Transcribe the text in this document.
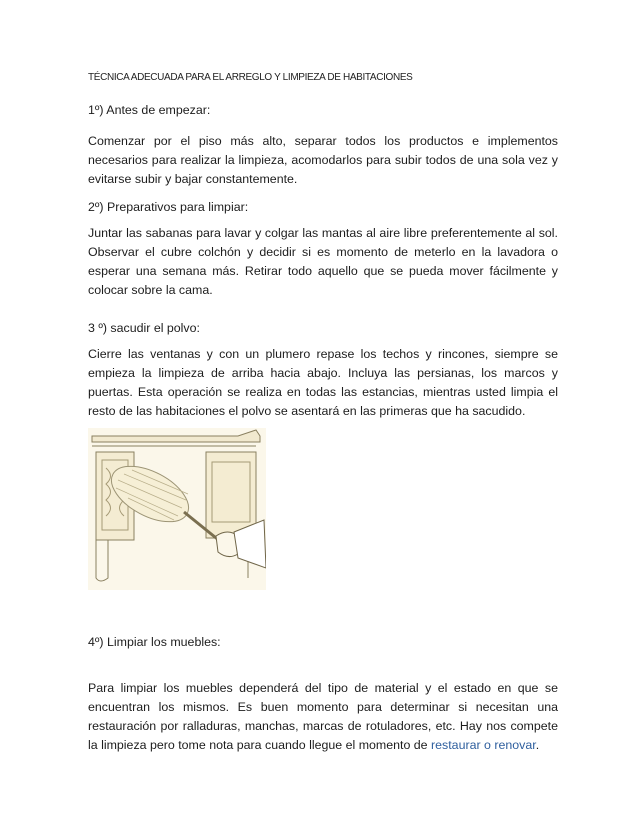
TÉCNICA ADECUADA PARA EL ARREGLO Y LIMPIEZA DE HABITACIONES
1º) Antes de empezar:
Comenzar por el piso más alto, separar todos los productos e implementos necesarios para realizar la limpieza, acomodarlos para subir todos de una sola vez y evitarse subir y bajar constantemente.
2º) Preparativos para limpiar:
Juntar las sabanas para lavar y colgar las mantas al aire libre preferentemente al sol. Observar el cubre colchón y decidir si es momento de meterlo en la lavadora o esperar una semana más. Retirar todo aquello que se pueda mover fácilmente y colocar sobre la cama.
3 º) sacudir el polvo:
Cierre las ventanas y con un plumero repase los techos y rincones, siempre se empieza la limpieza de arriba hacia abajo. Incluya las persianas, los marcos y puertas. Esta operación se realiza en todas las estancias, mientras usted limpia el resto de las habitaciones el polvo se asentará en las primeras que ha sacudido.
4º) Limpiar los muebles:
Para limpiar los muebles dependerá del tipo de material y el estado en que se encuentran los mismos. Es buen momento para determinar si necesitan una restauración por ralladuras, manchas, marcas de rotuladores, etc. Hay nos compete la limpieza pero tome nota para cuando llegue el momento de restaurar o renovar.
